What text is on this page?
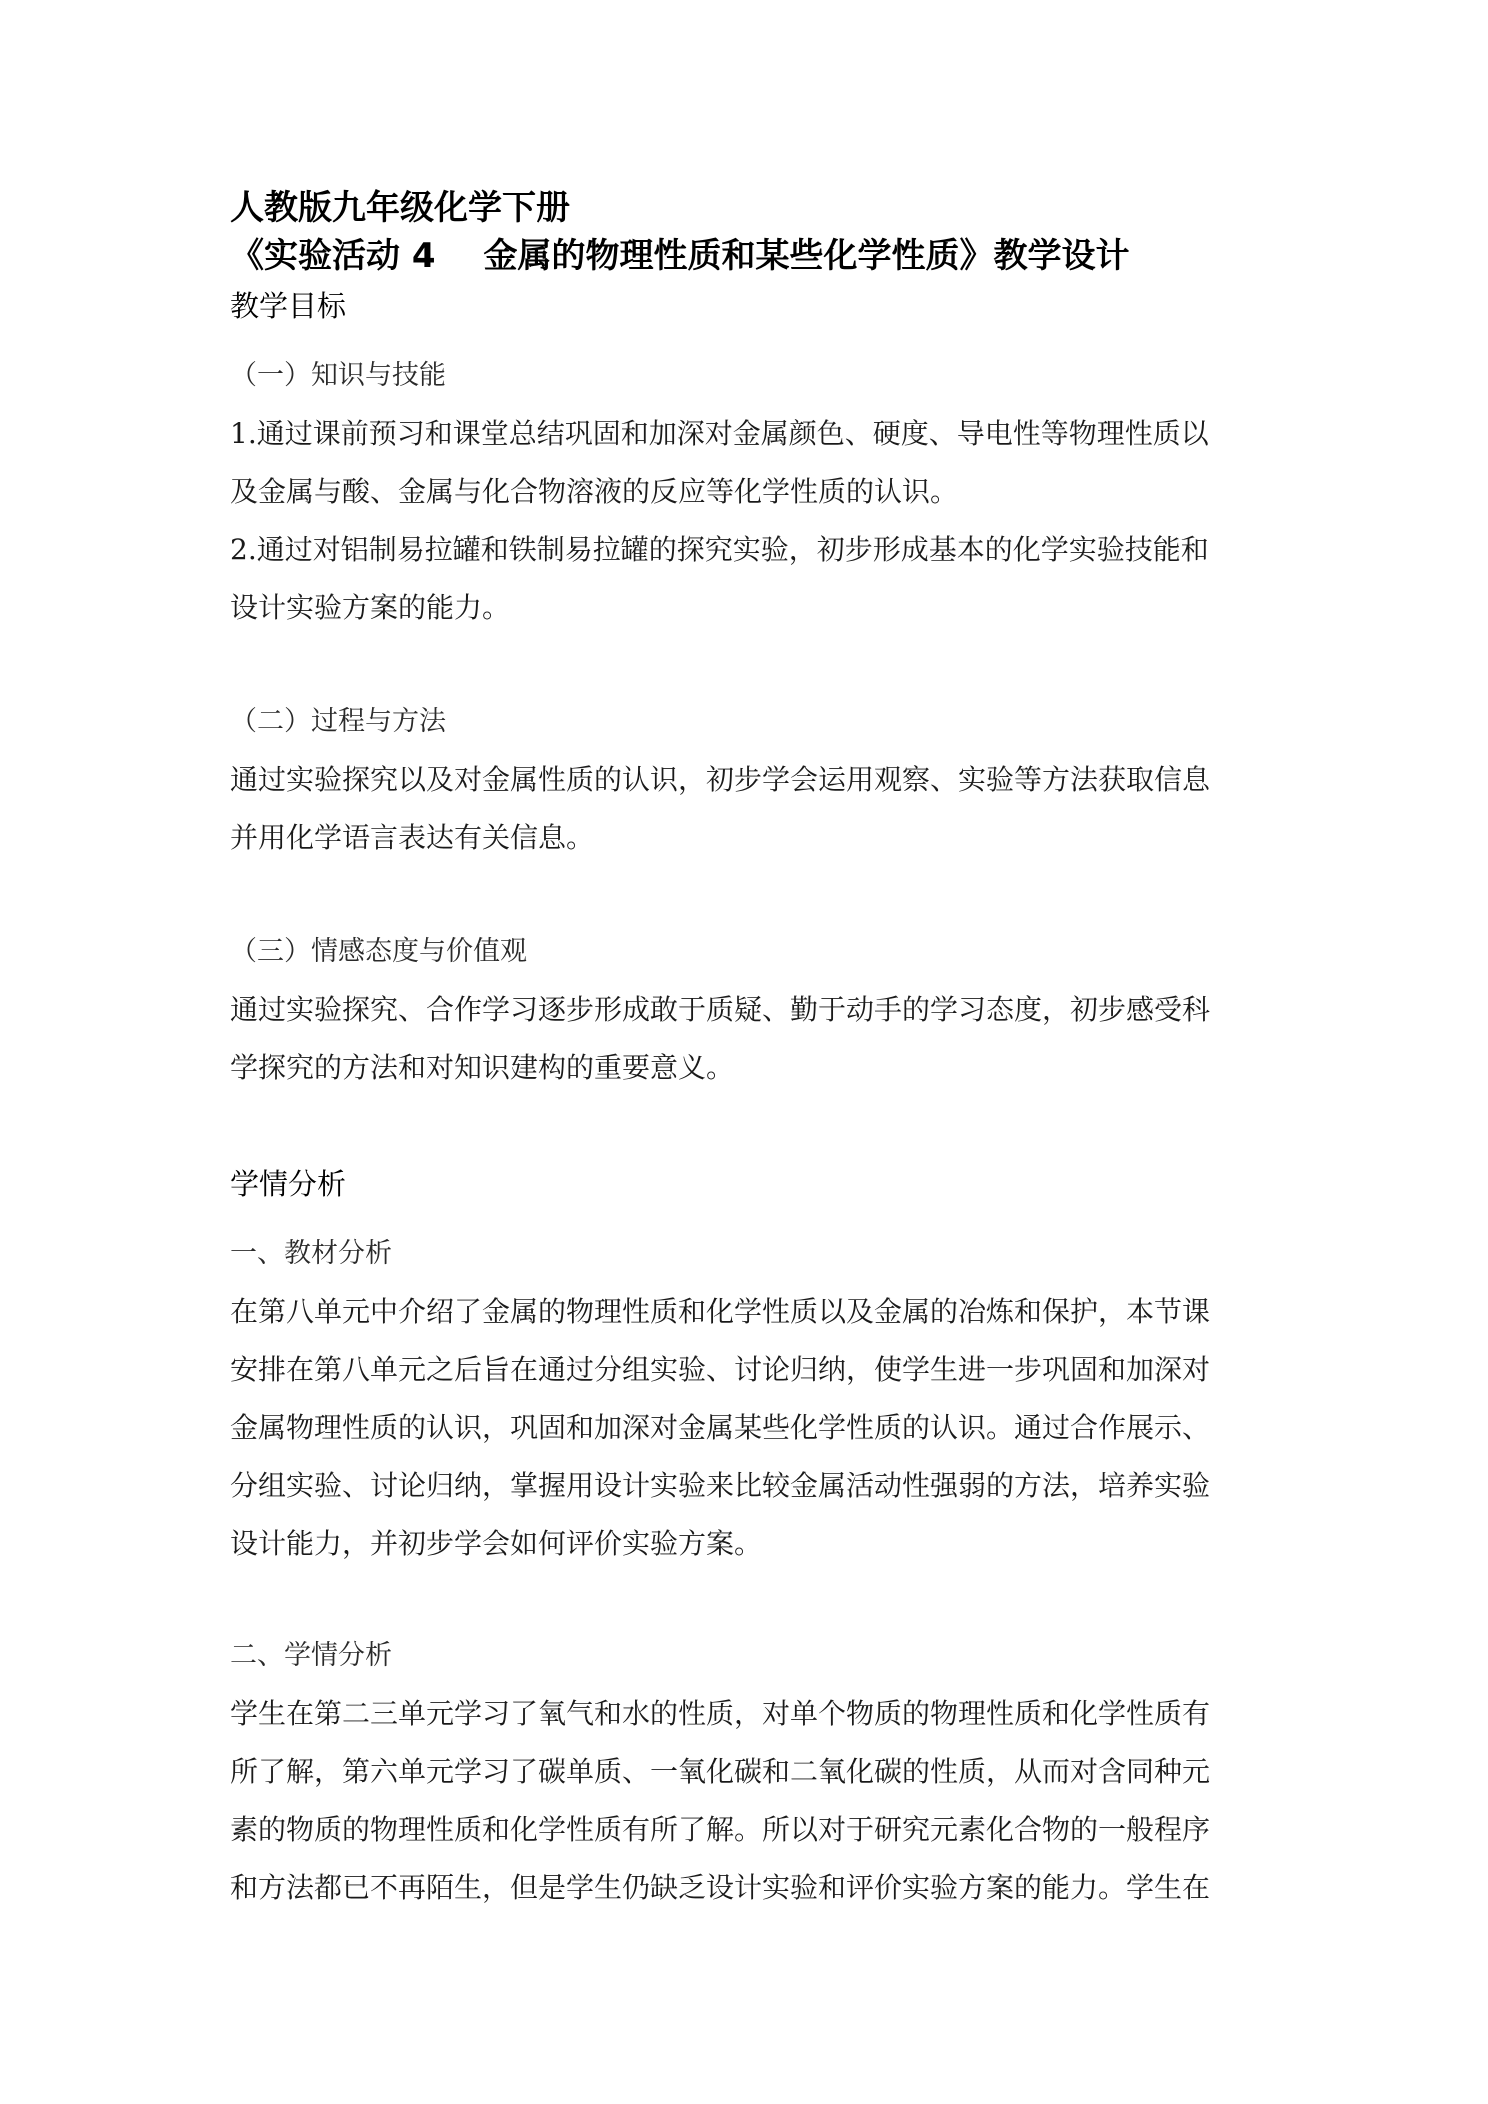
人教版九年级化学下册
《实验活动 4 金属的物理性质和某些化学性质》教学设计
教学目标
（一）知识与技能
1.通过课前预习和课堂总结巩固和加深对金属颜色、硬度、导电性等物理性质以
及金属与酸、金属与化合物溶液的反应等化学性质的认识。
2.通过对铝制易拉罐和铁制易拉罐的探究实验，初步形成基本的化学实验技能和
设计实验方案的能力。
（二）过程与方法
通过实验探究以及对金属性质的认识，初步学会运用观察、实验等方法获取信息
并用化学语言表达有关信息。
（三）情感态度与价值观
通过实验探究、合作学习逐步形成敢于质疑、勤于动手的学习态度，初步感受科
学探究的方法和对知识建构的重要意义。
学情分析
一、教材分析
在第八单元中介绍了金属的物理性质和化学性质以及金属的冶炼和保护，本节课
安排在第八单元之后旨在通过分组实验、讨论归纳，使学生进一步巩固和加深对
金属物理性质的认识，巩固和加深对金属某些化学性质的认识。通过合作展示、
分组实验、讨论归纳，掌握用设计实验来比较金属活动性强弱的方法，培养实验
设计能力，并初步学会如何评价实验方案。
二、学情分析
学生在第二三单元学习了氧气和水的性质，对单个物质的物理性质和化学性质有
所了解，第六单元学习了碳单质、一氧化碳和二氧化碳的性质，从而对含同种元
素的物质的物理性质和化学性质有所了解。所以对于研究元素化合物的一般程序
和方法都已不再陌生，但是学生仍缺乏设计实验和评价实验方案的能力。学生在
